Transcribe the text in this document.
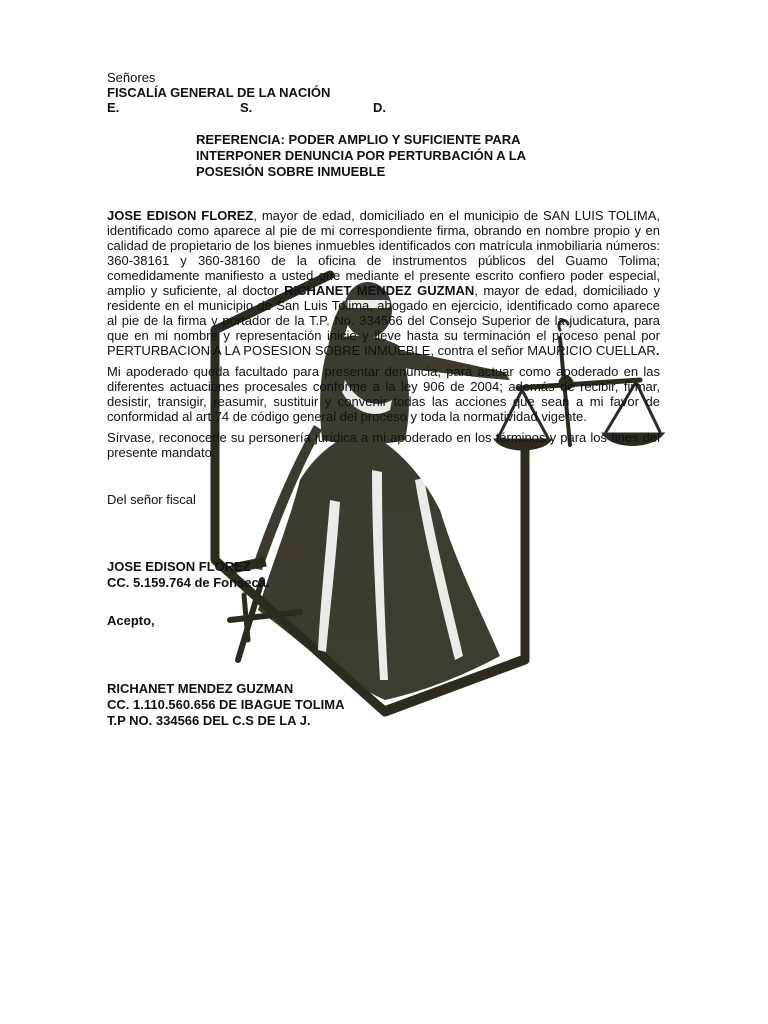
Señores
FISCALÍA GENERAL DE LA NACIÓN
E.	S.	D.
REFERENCIA: PODER AMPLIO Y SUFICIENTE PARA
INTERPONER DENUNCIA POR PERTURBACIÓN A LA
POSESIÓN SOBRE INMUEBLE

JOSE EDISON FLOREZ, mayor de edad, domiciliado en el municipio de SAN LUIS TOLIMA, identificado como aparece al pie de mi correspondiente firma, obrando en nombre propio y en calidad de propietario de los bienes inmuebles identificados con matrícula inmobiliaria números: 360-38161 y 360-38160 de la oficina de instrumentos públicos del Guamo Tolima; comedidamente manifiesto a usted que mediante el presente escrito confiero poder especial, amplio y suficiente, al doctor RICHANET MENDEZ GUZMAN, mayor de edad, domiciliado y residente en el municipio de San Luis Tolima, abogado en ejercicio, identificado como aparece al pie de la firma y portador de la T.P. No. 334566 del Consejo Superior de la judicatura, para que en mi nombre y representación inicie y lleve hasta su terminación el proceso penal por PERTURBACION A LA POSESION SOBRE INMUEBLE, contra el señor MAURICIO CUELLAR.

Mi apoderado queda facultado para presentar denuncia, para actuar como apoderado en las diferentes actuaciones procesales conforme a la ley 906 de 2004; además de recibir, firmar, desistir, transigir, reasumir, sustituir y convenir todas las acciones que sean a mi favor de conformidad al art 74 de código general del proceso y toda la normatividad vigente.

Sírvase, reconocerle su personería jurídica a mi apoderado en los términos y para los fines del presente mandato.

Del señor fiscal
JOSE EDISON FLOREZ
CC. 5.159.764 de Fonseca.
Acepto,
RICHANET MENDEZ GUZMAN
CC. 1.110.560.656 DE IBAGUE TOLIMA
T.P NO. 334566 DEL C.S DE LA J.
